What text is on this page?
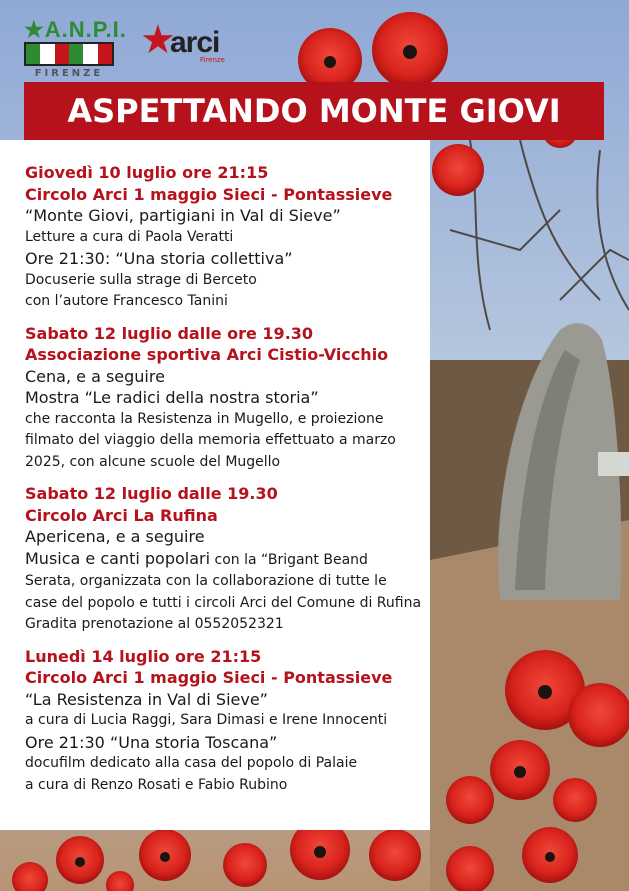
★A.N.P.I.
FIRENZE
★
arci
Firenze
ASPETTANDO MONTE GIOVI 2025
Giovedì 10 luglio ore 21:15
Circolo Arci 1 maggio Sieci - Pontassieve
“Monte Giovi, partigiani in Val di Sieve”
Letture a cura di Paola Veratti
Ore 21:30: “Una storia collettiva”
Docuserie sulla strage di Berceto
con l’autore Francesco Tanini
Sabato 12 luglio dalle ore 19.30
Associazione sportiva Arci Cistio-Vicchio
Cena, e a seguire
Mostra “Le radici della nostra storia”
che racconta la Resistenza in Mugello, e proiezione
filmato del viaggio della memoria effettuato a marzo
2025, con alcune scuole del Mugello
Sabato 12 luglio dalle 19.30
Circolo Arci La Rufina
Apericena, e a seguire
Musica e canti popolari con la “Brigant Beand
Serata, organizzata con la collaborazione di tutte le
case del popolo e tutti i circoli Arci del Comune di Rufina
Gradita prenotazione al 0552052321
Lunedì 14 luglio ore 21:15
Circolo Arci 1 maggio Sieci - Pontassieve
“La Resistenza in Val di Sieve”
a cura di Lucia Raggi, Sara Dimasi e Irene Innocenti
Ore 21:30 “Una storia Toscana”
docufilm dedicato alla casa del popolo di Palaie
a cura di Renzo Rosati e Fabio Rubino
